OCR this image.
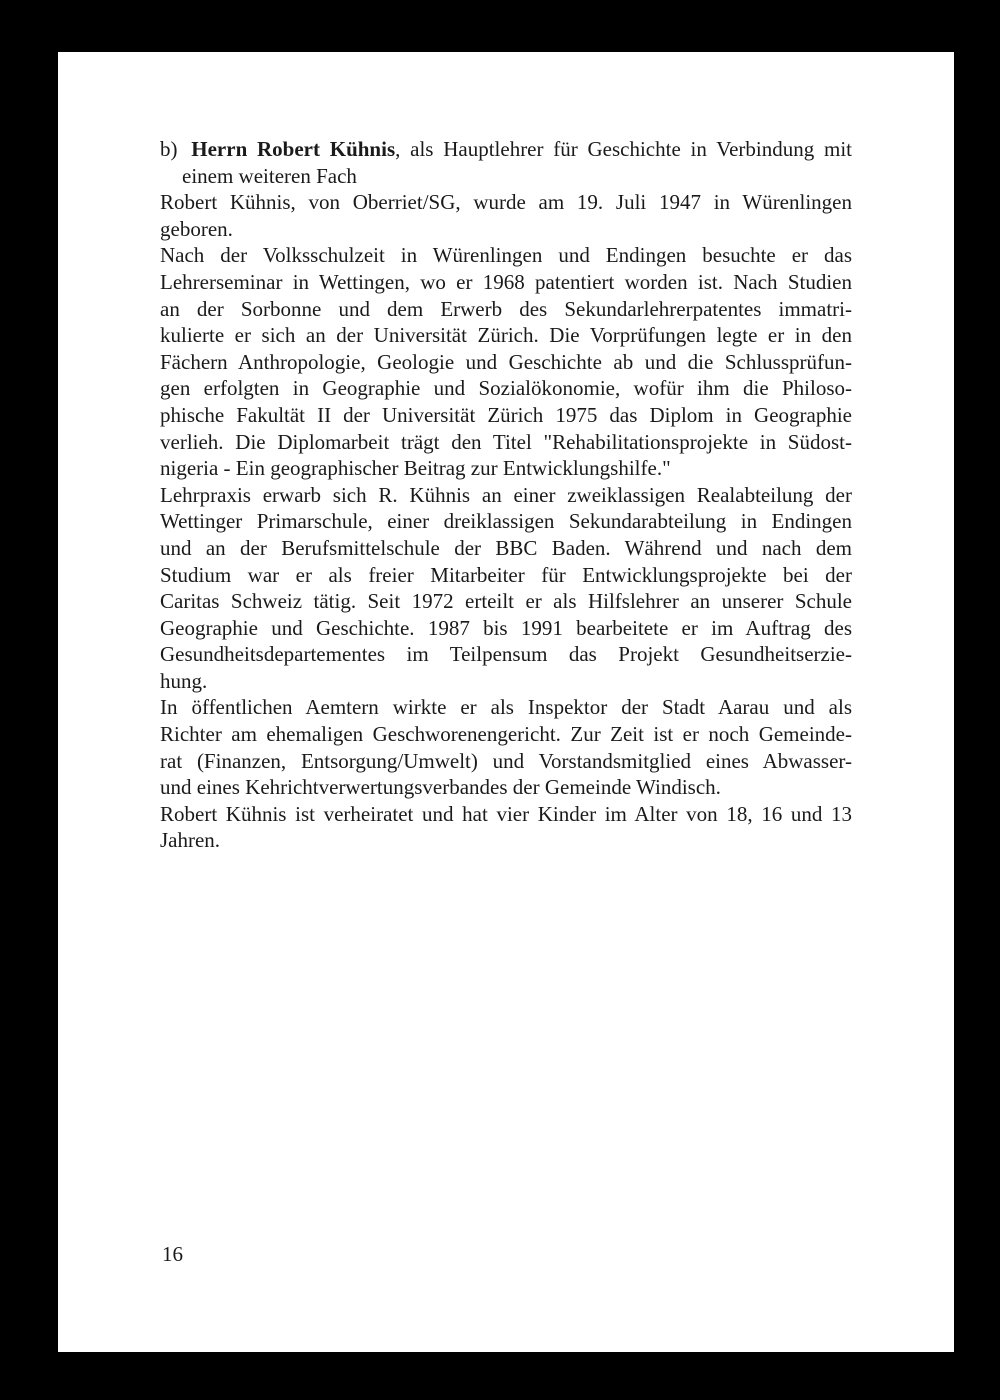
b) Herrn Robert Kühnis, als Hauptlehrer für Geschichte in Verbindung mit
einem weiteren Fach
Robert Kühnis, von Oberriet/SG, wurde am 19. Juli 1947 in Würenlingen
geboren.
Nach der Volksschulzeit in Würenlingen und Endingen besuchte er das
Lehrerseminar in Wettingen, wo er 1968 patentiert worden ist. Nach Studien
an der Sorbonne und dem Erwerb des Sekundarlehrerpatentes immatri-
kulierte er sich an der Universität Zürich. Die Vorprüfungen legte er in den
Fächern Anthropologie, Geologie und Geschichte ab und die Schlussprüfun-
gen erfolgten in Geographie und Sozialökonomie, wofür ihm die Philoso-
phische Fakultät II der Universität Zürich 1975 das Diplom in Geographie
verlieh. Die Diplomarbeit trägt den Titel "Rehabilitationsprojekte in Südost-
nigeria - Ein geographischer Beitrag zur Entwicklungshilfe."
Lehrpraxis erwarb sich R. Kühnis an einer zweiklassigen Realabteilung der
Wettinger Primarschule, einer dreiklassigen Sekundarabteilung in Endingen
und an der Berufsmittelschule der BBC Baden. Während und nach dem
Studium war er als freier Mitarbeiter für Entwicklungsprojekte bei der
Caritas Schweiz tätig. Seit 1972 erteilt er als Hilfslehrer an unserer Schule
Geographie und Geschichte. 1987 bis 1991 bearbeitete er im Auftrag des
Gesundheitsdepartementes im Teilpensum das Projekt Gesundheitserzie-
hung.
In öffentlichen Aemtern wirkte er als Inspektor der Stadt Aarau und als
Richter am ehemaligen Geschworenengericht. Zur Zeit ist er noch Gemeinde-
rat (Finanzen, Entsorgung/Umwelt) und Vorstandsmitglied eines Abwasser-
und eines Kehrichtverwertungsverbandes der Gemeinde Windisch.
Robert Kühnis ist verheiratet und hat vier Kinder im Alter von 18, 16 und 13
Jahren.
16
